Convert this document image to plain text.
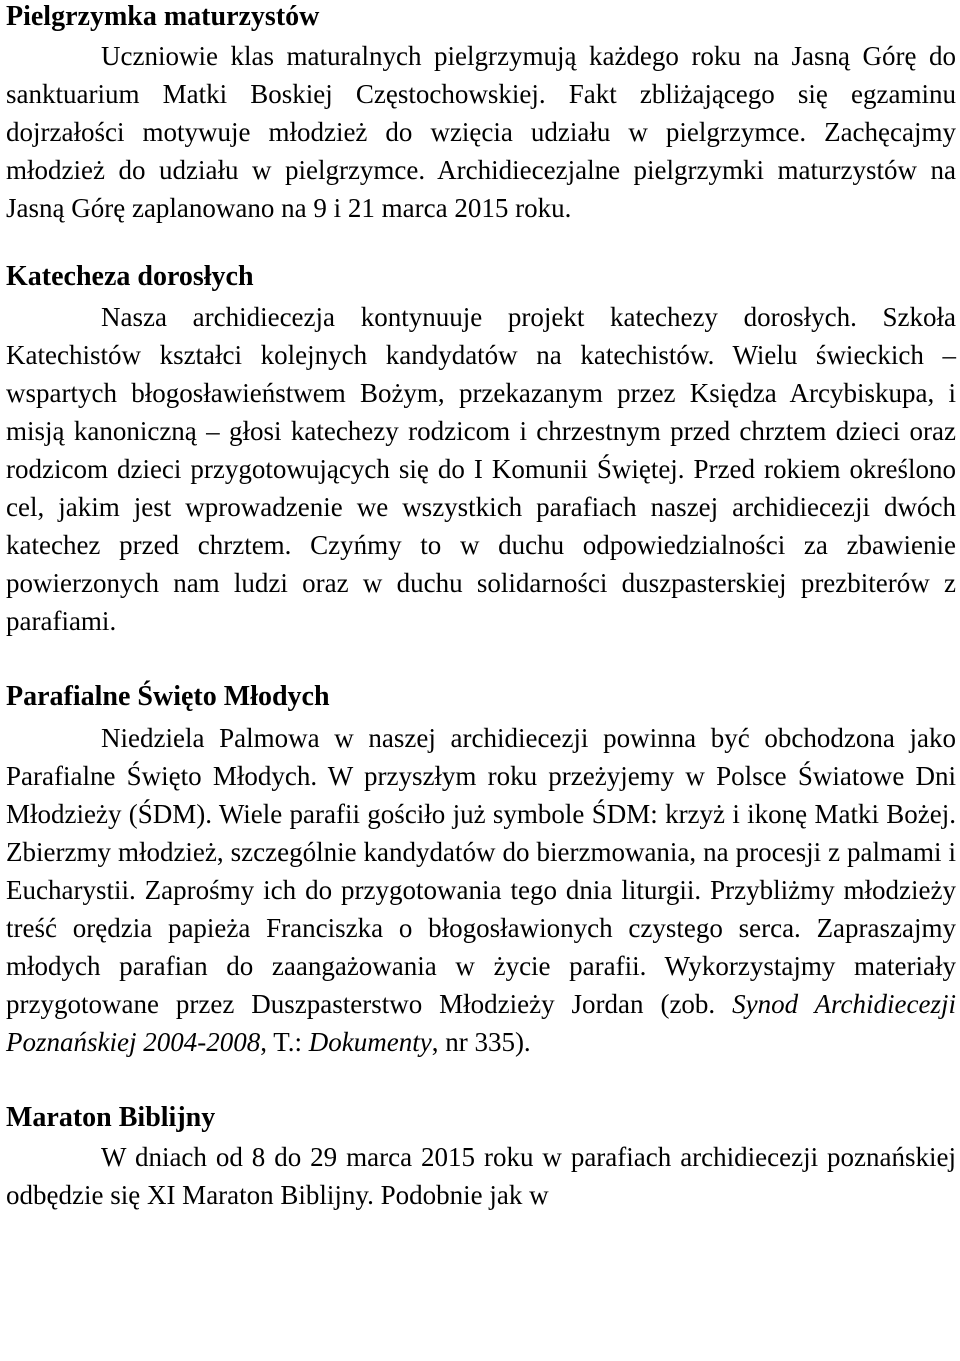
Pielgrzymka maturzystów

Uczniowie klas maturalnych pielgrzymują każdego roku na Jasną Górę do sanktuarium Matki Boskiej Częstochowskiej. Fakt zbliżającego się egzaminu dojrzałości motywuje młodzież do wzięcia udziału w pielgrzymce. Zachęcajmy młodzież do udziału w pielgrzymce. Archidiecezjalne pielgrzymki maturzystów na Jasną Górę zaplanowano na 9 i 21 marca 2015 roku.

Katecheza dorosłych

Nasza archidiecezja kontynuuje projekt katechezy dorosłych. Szkoła Katechistów kształci kolejnych kandydatów na katechistów. Wielu świeckich – wspartych błogosławieństwem Bożym, przekazanym przez Księdza Arcybiskupa, i misją kanoniczną – głosi katechezy rodzicom i chrzestnym przed chrztem dzieci oraz rodzicom dzieci przygotowujących się do I Komunii Świętej. Przed rokiem określono cel, jakim jest wprowadzenie we wszystkich parafiach naszej archidiecezji dwóch katechez przed chrztem. Czyńmy to w duchu odpowiedzialności za zbawienie powierzonych nam ludzi oraz w duchu solidarności duszpasterskiej prezbiterów z parafiami.

Parafialne Święto Młodych

Niedziela Palmowa w naszej archidiecezji powinna być obchodzona jako Parafialne Święto Młodych. W przyszłym roku przeżyjemy w Polsce Światowe Dni Młodzieży (ŚDM). Wiele parafii gościło już symbole ŚDM: krzyż i ikonę Matki Bożej. Zbierzmy młodzież, szczególnie kandydatów do bierzmowania, na procesji z palmami i Eucharystii. Zaprośmy ich do przygotowania tego dnia liturgii. Przybliżmy młodzieży treść orędzia papieża Franciszka o błogosławionych czystego serca. Zapraszajmy młodych parafian do zaangażowania w życie parafii. Wykorzystajmy materiały przygotowane przez Duszpasterstwo Młodzieży Jordan (zob. Synod Archidiecezji Poznańskiej 2004-2008, T.: Dokumenty, nr 335).

Maraton Biblijny

W dniach od 8 do 29 marca 2015 roku w parafiach archidiecezji poznańskiej odbędzie się XI Maraton Biblijny. Podobnie jak w
